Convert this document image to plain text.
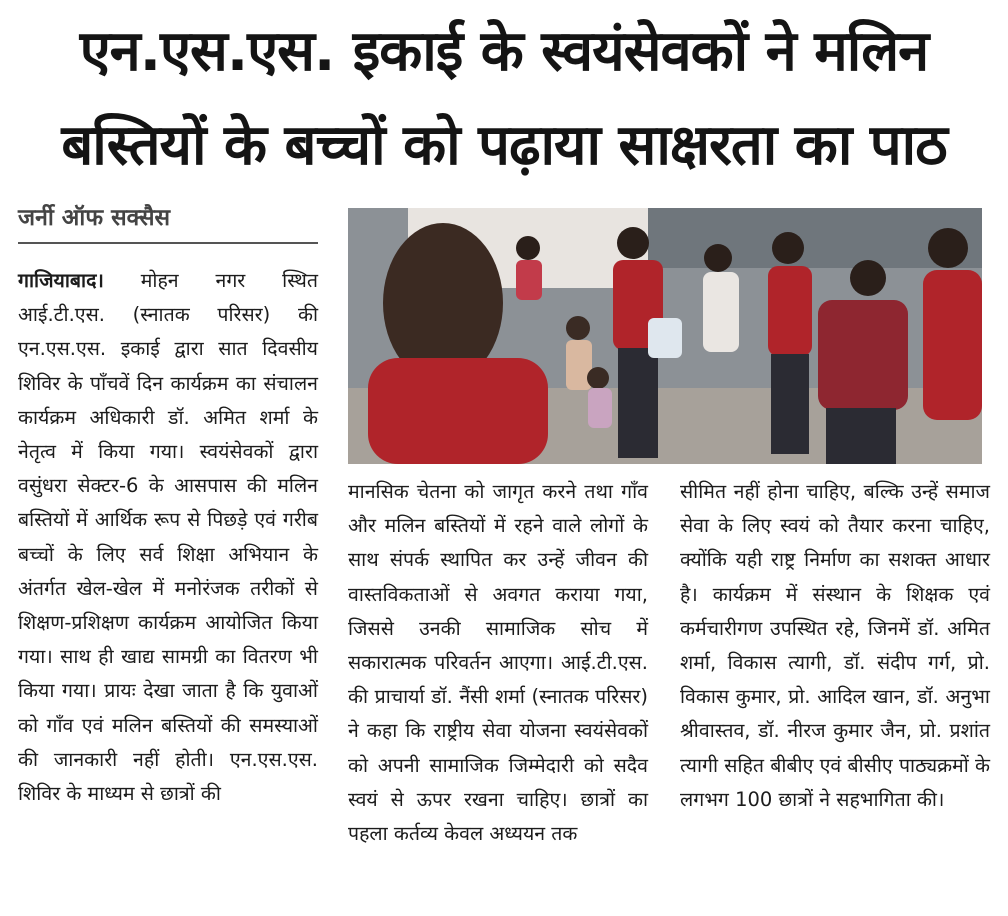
एन.एस.एस. इकाई के स्वयंसेवकों ने मलिन
बस्तियों के बच्चों को पढ़ाया साक्षरता का पाठ
जर्नी ऑफ सक्सैस
गाजियाबाद। मोहन नगर स्थित आई.टी.एस. (स्नातक परिसर) की एन.एस.एस. इकाई द्वारा सात दिवसीय शिविर के पाँचवें दिन कार्यक्रम का संचालन कार्यक्रम अधिकारी डॉ. अमित शर्मा के नेतृत्व में किया गया। स्वयंसेवकों द्वारा वसुंधरा सेक्टर-6 के आसपास की मलिन बस्तियों में आर्थिक रूप से पिछड़े एवं गरीब बच्चों के लिए सर्व शिक्षा अभियान के अंतर्गत खेल-खेल में मनोरंजक तरीकों से शिक्षण-प्रशिक्षण कार्यक्रम आयोजित किया गया। साथ ही खाद्य सामग्री का वितरण भी किया गया। प्रायः देखा जाता है कि युवाओं को गाँव एवं मलिन बस्तियों की समस्याओं की जानकारी नहीं होती। एन.एस.एस. शिविर के माध्यम से छात्रों की
मानसिक चेतना को जागृत करने तथा गाँव और मलिन बस्तियों में रहने वाले लोगों के साथ संपर्क स्थापित कर उन्हें जीवन की वास्तविकताओं से अवगत कराया गया, जिससे उनकी सामाजिक सोच में सकारात्मक परिवर्तन आएगा। आई.टी.एस. की प्राचार्या डॉ. नैंसी शर्मा (स्नातक परिसर) ने कहा कि राष्ट्रीय सेवा योजना स्वयंसेवकों को अपनी सामाजिक जिम्मेदारी को सदैव स्वयं से ऊपर रखना चाहिए। छात्रों का पहला कर्तव्य केवल अध्ययन तक
सीमित नहीं होना चाहिए, बल्कि उन्हें समाज सेवा के लिए स्वयं को तैयार करना चाहिए, क्योंकि यही राष्ट्र निर्माण का सशक्त आधार है। कार्यक्रम में संस्थान के शिक्षक एवं कर्मचारीगण उपस्थित रहे, जिनमें डॉ. अमित शर्मा, विकास त्यागी, डॉ. संदीप गर्ग, प्रो. विकास कुमार, प्रो. आदिल खान, डॉ. अनुभा श्रीवास्तव, डॉ. नीरज कुमार जैन, प्रो. प्रशांत त्यागी सहित बीबीए एवं बीसीए पाठ्यक्रमों के लगभग 100 छात्रों ने सहभागिता की।
